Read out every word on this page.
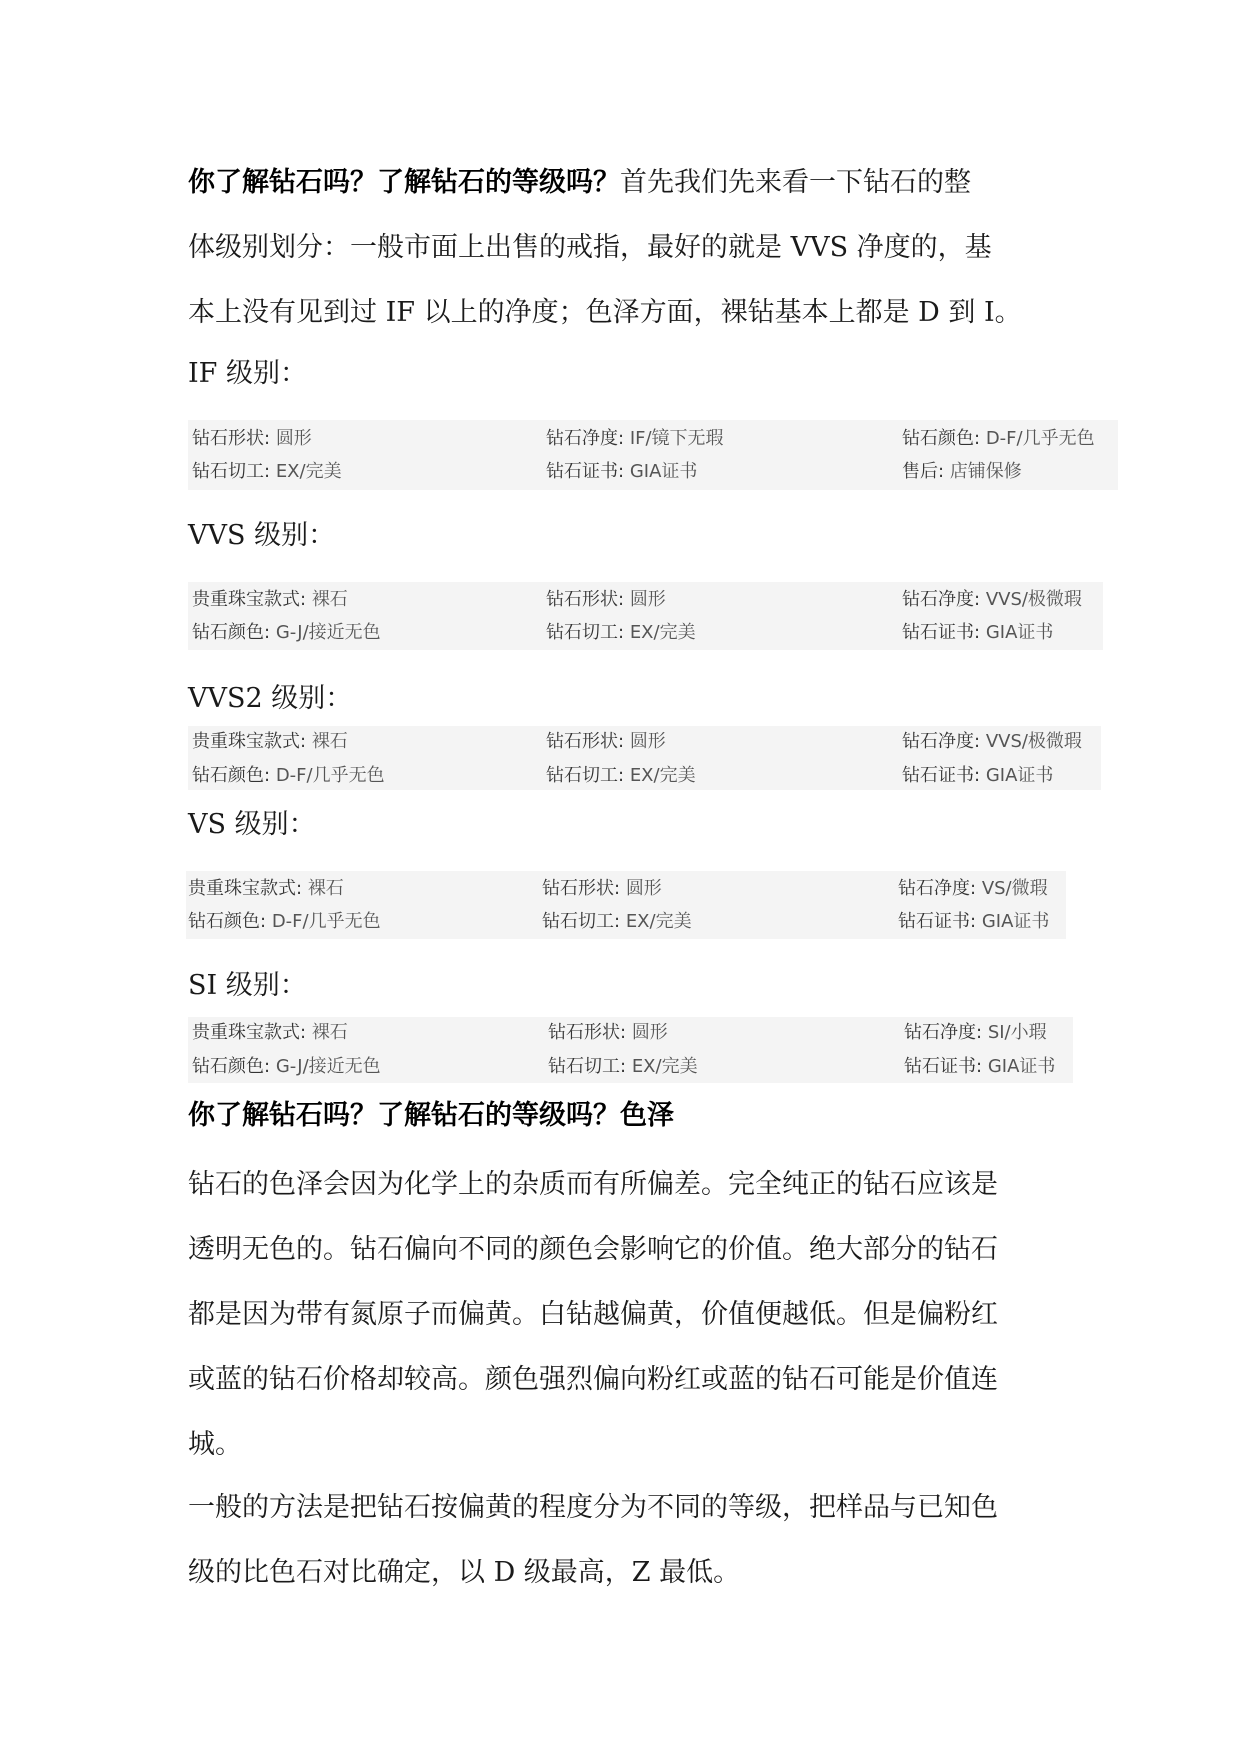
你了解钻石吗？了解钻石的等级吗？首先我们先来看一下钻石的整
体级别划分：一般市面上出售的戒指，最好的就是 VVS 净度的，基
本上没有见到过 IF 以上的净度；色泽方面，裸钻基本上都是 D 到 I。
IF 级别：
钻石形状: 圆形	钻石净度: IF/镜下无瑕	钻石颜色: D-F/几乎无色
钻石切工: EX/完美	钻石证书: GIA证书	售后: 店铺保修
VVS 级别：
贵重珠宝款式: 裸石	钻石形状: 圆形	钻石净度: VVS/极微瑕
钻石颜色: G-J/接近无色	钻石切工: EX/完美	钻石证书: GIA证书
VVS2 级别：
贵重珠宝款式: 裸石	钻石形状: 圆形	钻石净度: VVS/极微瑕
钻石颜色: D-F/几乎无色	钻石切工: EX/完美	钻石证书: GIA证书
VS 级别：
贵重珠宝款式: 裸石	钻石形状: 圆形	钻石净度: VS/微瑕
钻石颜色: D-F/几乎无色	钻石切工: EX/完美	钻石证书: GIA证书
SI 级别：
贵重珠宝款式: 裸石	钻石形状: 圆形	钻石净度: SI/小瑕
钻石颜色: G-J/接近无色	钻石切工: EX/完美	钻石证书: GIA证书
你了解钻石吗？了解钻石的等级吗？色泽
钻石的色泽会因为化学上的杂质而有所偏差。完全纯正的钻石应该是
透明无色的。钻石偏向不同的颜色会影响它的价值。绝大部分的钻石
都是因为带有氮原子而偏黄。白钻越偏黄，价值便越低。但是偏粉红
或蓝的钻石价格却较高。颜色强烈偏向粉红或蓝的钻石可能是价值连
城。
一般的方法是把钻石按偏黄的程度分为不同的等级，把样品与已知色
级的比色石对比确定，以 D 级最高，Z 最低。
